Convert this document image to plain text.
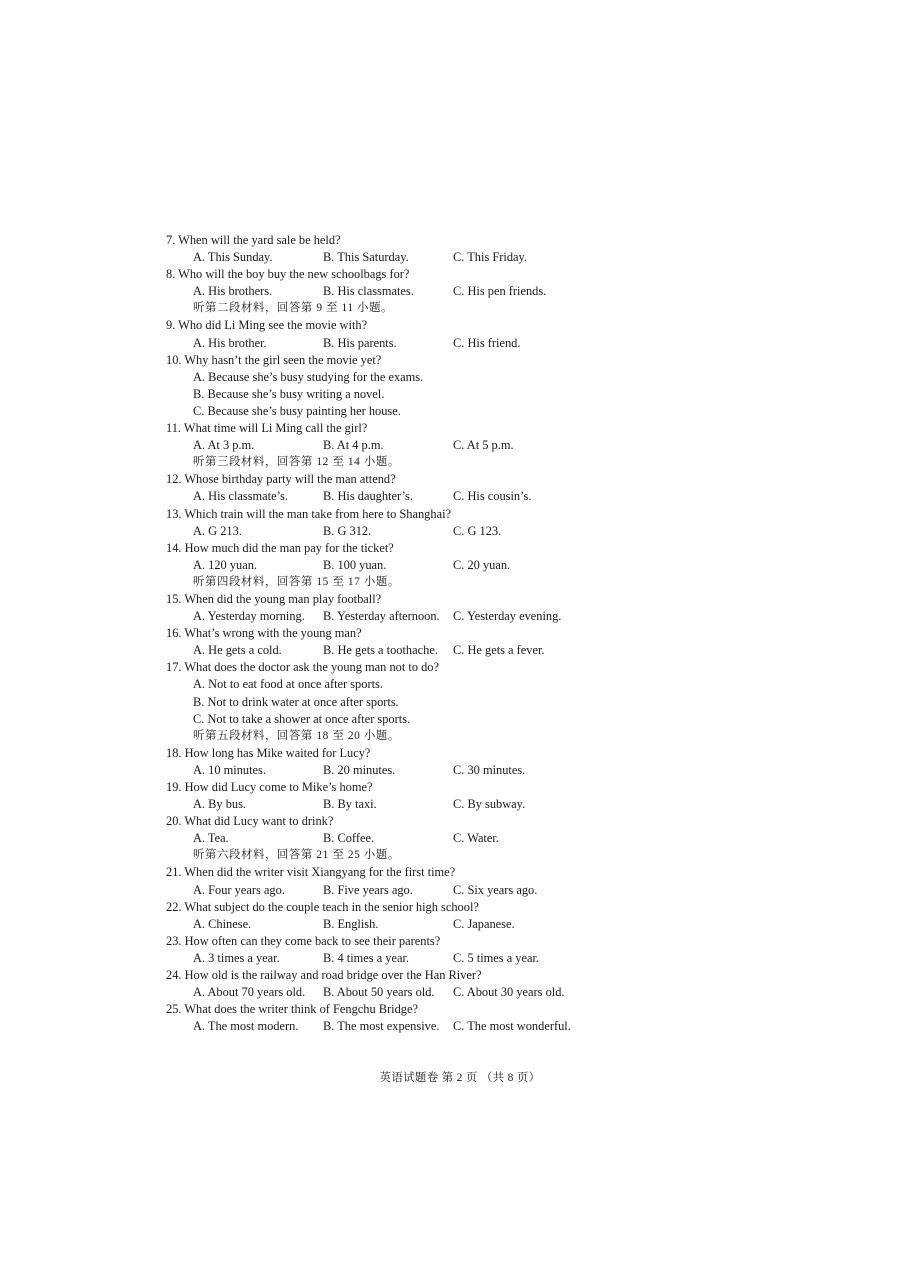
7. When will the yard sale be held?
A. This Sunday.	B. This Saturday.	C. This Friday.
8. Who will the boy buy the new schoolbags for?
A. His brothers.	B. His classmates.	C. His pen friends.
听第二段材料，回答第 9 至 11 小题。
9. Who did Li Ming see the movie with?
A. His brother.	B. His parents.	C. His friend.
10. Why hasn’t the girl seen the movie yet?
A. Because she’s busy studying for the exams.
B. Because she’s busy writing a novel.
C. Because she’s busy painting her house.
11. What time will Li Ming call the girl?
A. At 3 p.m.	B. At 4 p.m.	C. At 5 p.m.
听第三段材料，回答第 12 至 14 小题。
12. Whose birthday party will the man attend?
A. His classmate’s.	B. His daughter’s.	C. His cousin’s.
13. Which train will the man take from here to Shanghai?
A. G 213.	B. G 312.	C. G 123.
14. How much did the man pay for the ticket?
A. 120 yuan.	B. 100 yuan.	C. 20 yuan.
听第四段材料，回答第 15 至 17 小题。
15. When did the young man play football?
A. Yesterday morning. B. Yesterday afternoon. C. Yesterday evening.
16. What’s wrong with the young man?
A. He gets a cold.	B. He gets a toothache. C. He gets a fever.
17. What does the doctor ask the young man not to do?
A. Not to eat food at once after sports.
B. Not to drink water at once after sports.
C. Not to take a shower at once after sports.
听第五段材料，回答第 18 至 20 小题。
18. How long has Mike waited for Lucy?
A. 10 minutes.	B. 20 minutes.	C. 30 minutes.
19. How did Lucy come to Mike’s home?
A. By bus.	B. By taxi.	C. By subway.
20. What did Lucy want to drink?
A. Tea.	B. Coffee.	C. Water.
听第六段材料，回答第 21 至 25 小题。
21. When did the writer visit Xiangyang for the first time?
A. Four years ago.	B. Five years ago.	C. Six years ago.
22. What subject do the couple teach in the senior high school?
A. Chinese.	B. English.	C. Japanese.
23. How often can they come back to see their parents?
A. 3 times a year.	B. 4 times a year.	C. 5 times a year.
24. How old is the railway and road bridge over the Han River?
A. About 70 years old. B. About 50 years old. C. About 30 years old.
25. What does the writer think of Fengchu Bridge?
A. The most modern. B. The most expensive. C. The most wonderful.
英语试题卷 第 2 页 （共 8 页）
